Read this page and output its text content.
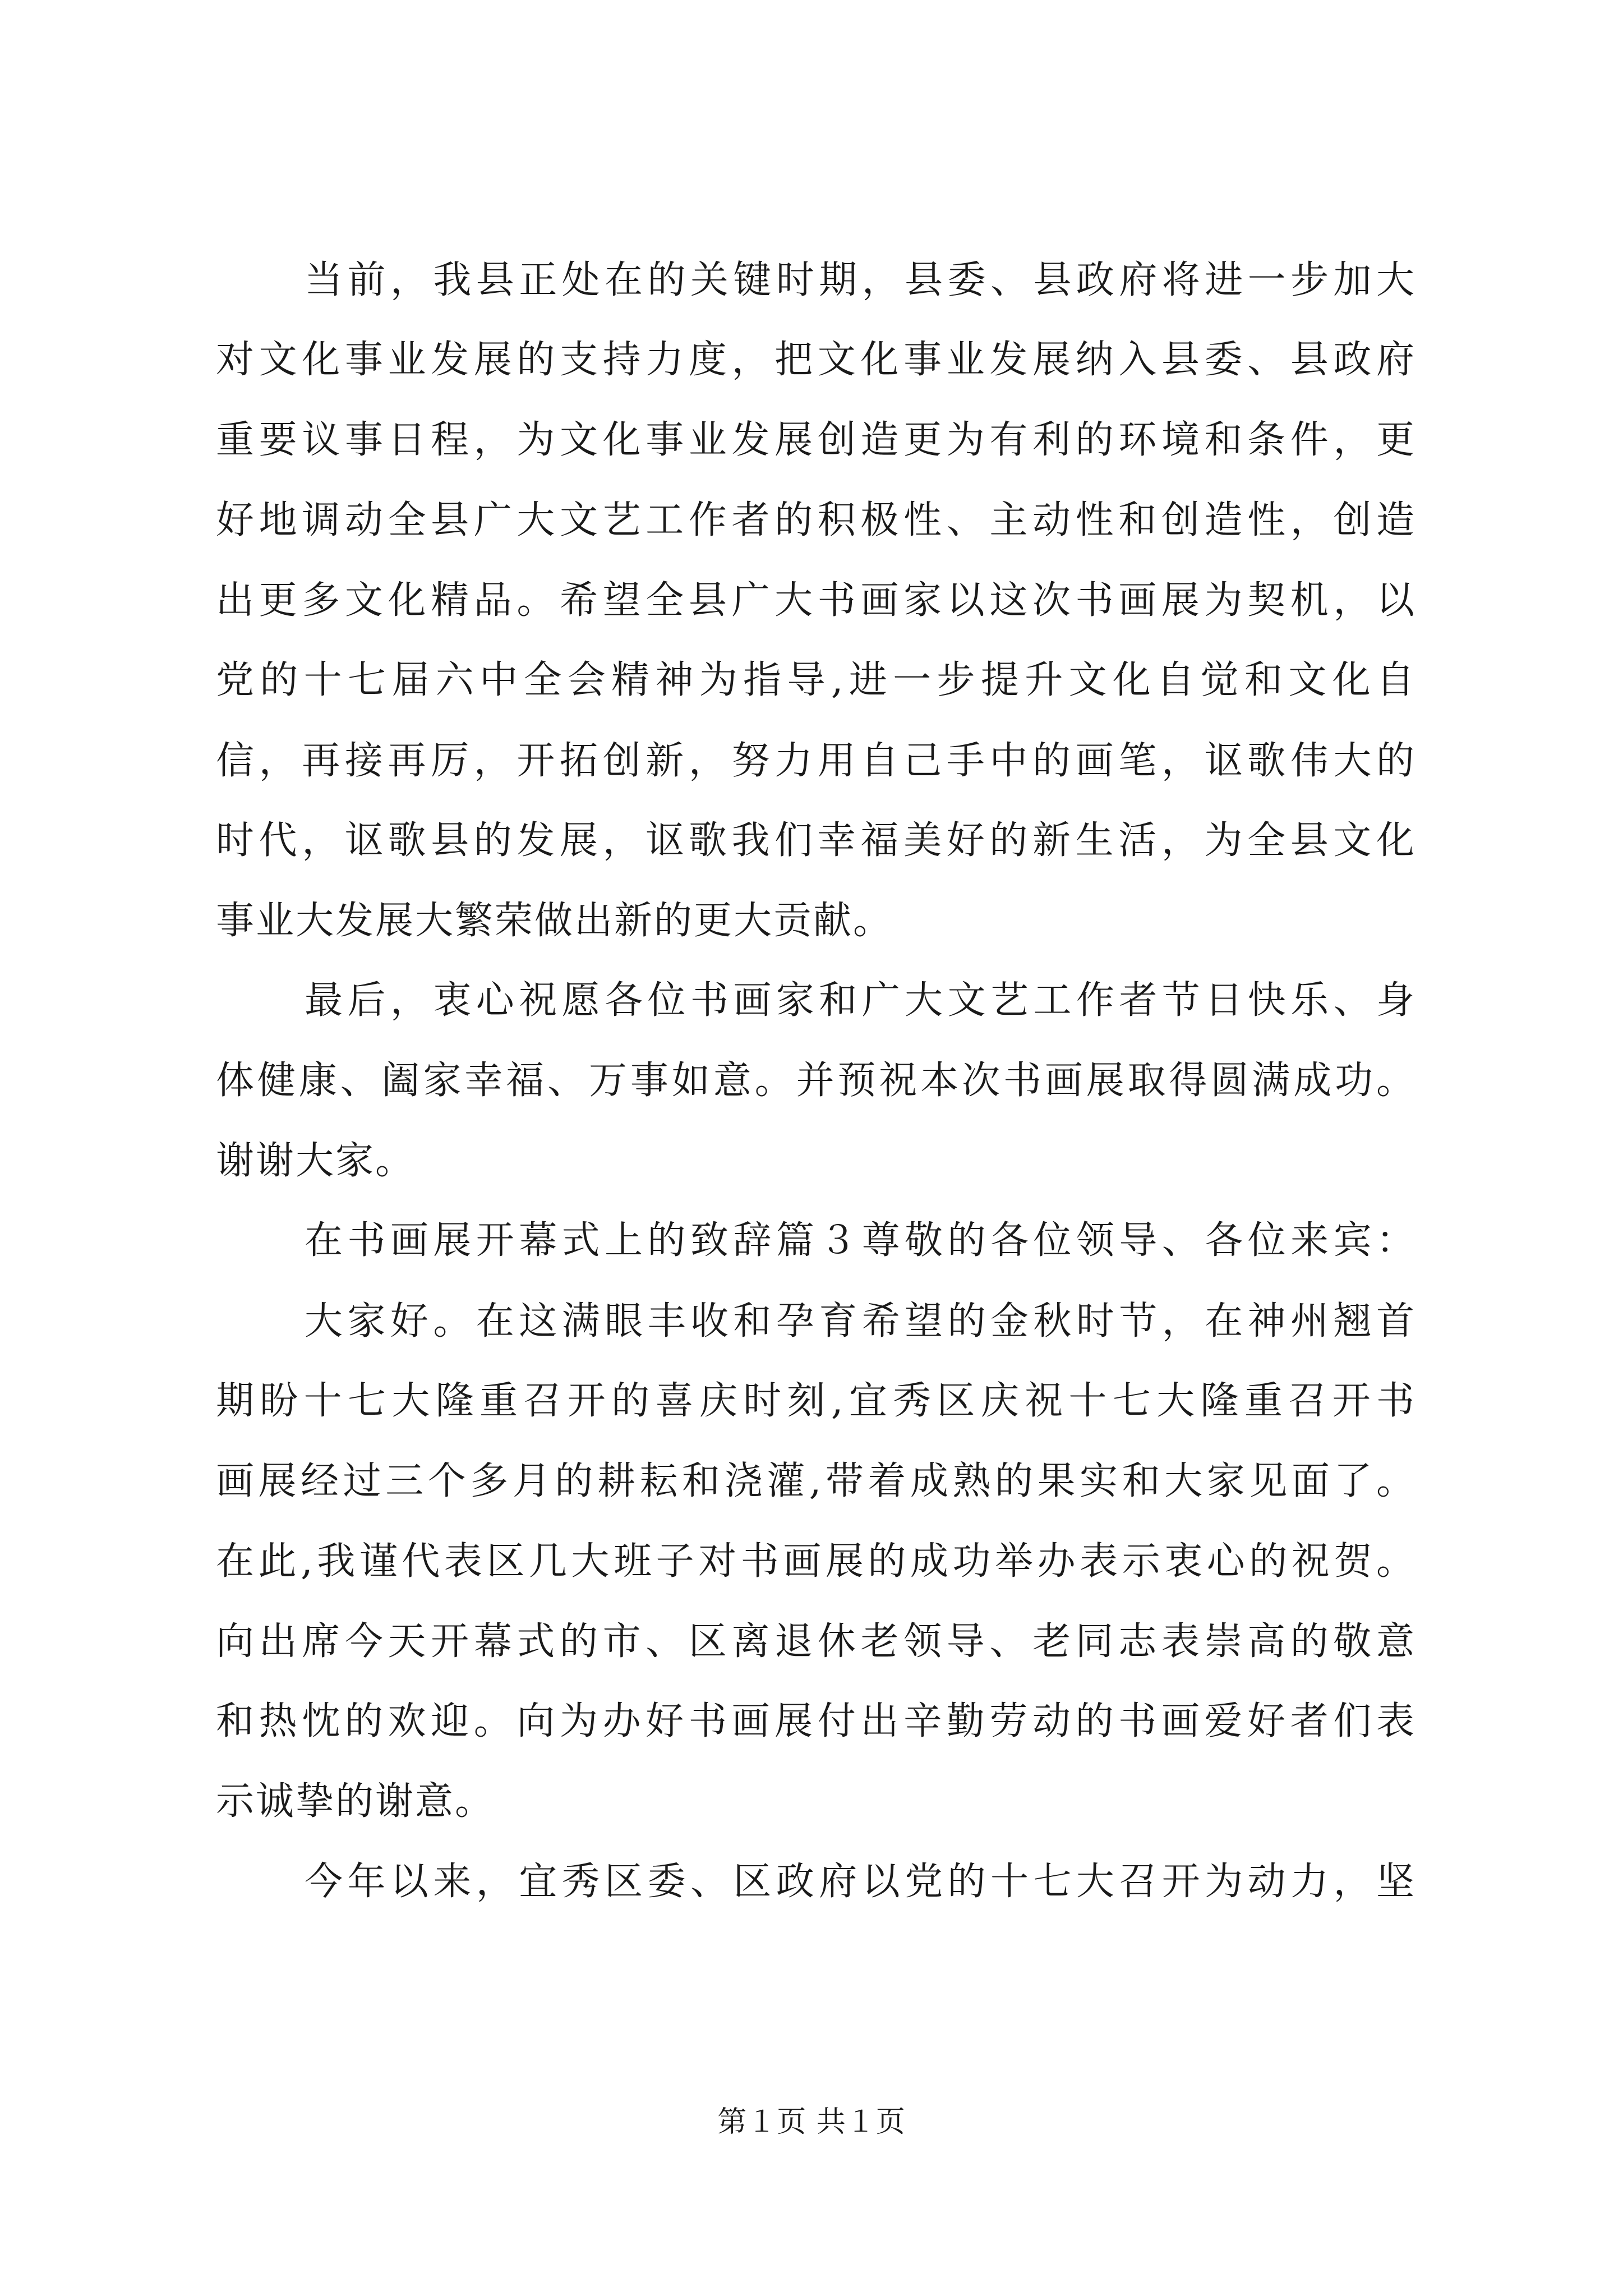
当前，我县正处在的关键时期，县委、县政府将进一步加大
对文化事业发展的支持力度，把文化事业发展纳入县委、县政府
重要议事日程，为文化事业发展创造更为有利的环境和条件，更
好地调动全县广大文艺工作者的积极性、主动性和创造性，创造
出更多文化精品。希望全县广大书画家以这次书画展为契机，以
党的十七届六中全会精神为指导,进一步提升文化自觉和文化自
信，再接再厉，开拓创新，努力用自己手中的画笔，讴歌伟大的
时代，讴歌县的发展，讴歌我们幸福美好的新生活，为全县文化
事业大发展大繁荣做出新的更大贡献。
最后，衷心祝愿各位书画家和广大文艺工作者节日快乐、身
体健康、阖家幸福、万事如意。并预祝本次书画展取得圆满成功。
谢谢大家。
在书画展开幕式上的致辞篇３尊敬的各位领导、各位来宾：
大家好。在这满眼丰收和孕育希望的金秋时节，在神州翘首
期盼十七大隆重召开的喜庆时刻,宜秀区庆祝十七大隆重召开书
画展经过三个多月的耕耘和浇灌,带着成熟的果实和大家见面了。
在此,我谨代表区几大班子对书画展的成功举办表示衷心的祝贺。
向出席今天开幕式的市、区离退休老领导、老同志表崇高的敬意
和热忱的欢迎。向为办好书画展付出辛勤劳动的书画爱好者们表
示诚挚的谢意。
今年以来，宜秀区委、区政府以党的十七大召开为动力，坚
第１页 共１页
